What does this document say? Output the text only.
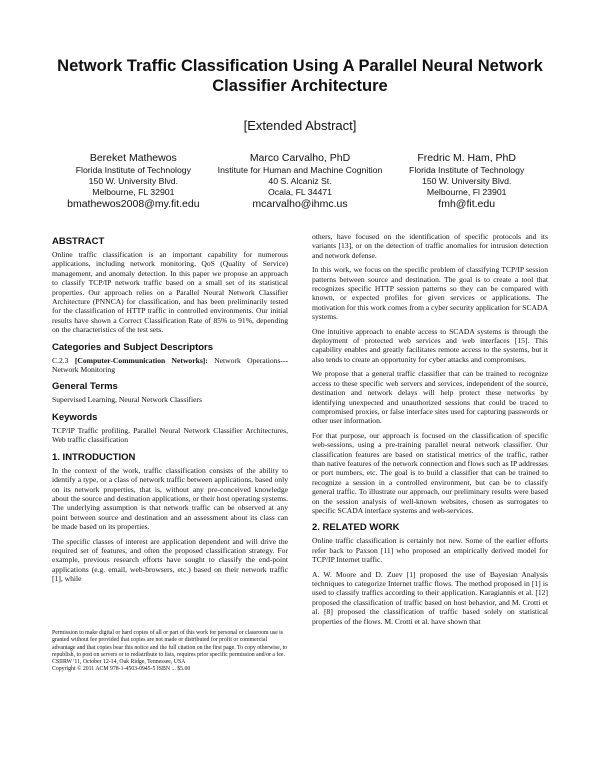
Network Traffic Classification Using A Parallel Neural Network Classifier Architecture
[Extended Abstract]
Bereket Mathewos
Florida Institute of Technology
150 W. University Blvd.
Melbourne, FL 32901
bmathewos2008@my.fit.edu
Marco Carvalho, PhD
Institute for Human and Machine Cognition
40 S. Alcaniz St.
Ocala, FL 34471
mcarvalho@ihmc.us
Fredric M. Ham, PhD
Florida Institute of Technology
150 W. University Blvd.
Melbourne, Fl 23901
fmh@fit.edu
ABSTRACT

Online traffic classification is an important capability for numerous applications, including network monitoring, QoS (Quality of Service) management, and anomaly detection. In this paper we propose an approach to classify TCP/IP network traffic based on a small set of its statistical properties. Our approach relies on a Parallel Neural Network Classifier Architecture (PNNCA) for classification, and has been preliminarily tested for the classification of HTTP traffic in controlled environments. Our initial results have shown a Correct Classification Rate of 85% to 91%, depending on the characteristics of the test sets.

Categories and Subject Descriptors

C.2.3 [Computer-Communication Networks]: Network Operations---Network Monitoring

General Terms

Supervised Learning, Neural Network Classifiers

Keywords

TCP/IP Traffic profiling, Parallel Neural Network Classifier Architectures, Web traffic classification

1. INTRODUCTION

In the context of the work, traffic classification consists of the ability to identify a type, or a class of network traffic between applications, based only on its network properties, that is, without any pre-conceived knowledge about the source and destination applications, or their host operating systems. The underlying assumption is that network traffic can be observed at any point between source and destination and an assessment about its class can be made based on its properties.

The specific classes of interest are application dependent and will drive the required set of features, and often the proposed classification strategy. For example, previous research efforts have sought to classify the end-point applications (e.g. email, web-browsers, etc.) based on their network traffic [1], while

Permission to make digital or hard copies of all or part of this work for personal or classroom use is granted without fee provided that copies are not made or distributed for profit or commercial advantage and that copies bear this notice and the full citation on the first page. To copy otherwise, to republish, to post on servers or to redistribute to lists, requires prior specific permission and/or a fee.

CSIIRW '11, October 12-14, Oak Ridge, Tennessee, USA

Copyright © 2011 ACM 978-1-4503-0945-5 ISBN ... $5.00

others, have focused on the identification of specific protocols and its variants [13], or on the detection of traffic anomalies for intrusion detection and network defense.

In this work, we focus on the specific problem of classifying TCP/IP session patterns between source and destination. The goal is to create a tool that recognizes specific HTTP session patterns so they can be compared with known, or expected profiles for given services or applications. The motivation for this work comes from a cyber security application for SCADA systems.

One intuitive approach to enable access to SCADA systems is through the deployment of protected web services and web interfaces [15]. This capability enables and greatly facilitates remote access to the systems, but it also tends to create an opportunity for cyber attacks and compromises.

We propose that a general traffic classifier that can be trained to recognize access to these specific web servers and services, independent of the source, destination and network delays will help protect these networks by identifying unexpected and unauthorized sessions that could be traced to compromised proxies, or false interface sites used for capturing passwords or other user information.

For that purpose, our approach is focused on the classification of specific web-sessions, using a pre-training parallel neural network classifier. Our classification features are based on statistical metrics of the traffic, rather than native features of the network connection and flows such as IP addresses or port numbers, etc. The goal is to build a classifier that can be trained to recognize a session in a controlled environment, but can be to classify general traffic. To illustrate our approach, our preliminary results were based on the session analysis of well-known websites, chosen as surrogates to specific SCADA interface systems and web-services.

2. RELATED WORK

Online traffic classification is certainly not new. Some of the earlier efforts refer back to Paxson [11] who proposed an empirically derived model for TCP/IP Internet traffic.

A. W. Moore and D. Zuev [1] proposed the use of Bayesian Analysis techniques to categorize Internet traffic flows. The method proposed in [1] is used to classify traffics according to their application. Karagiannis et al. [12] proposed the classification of traffic based on host behavior, and M. Crotti et al. [8] proposed the classification of traffic based solely on statistical properties of the flows. M. Crotti et al. have shown that
